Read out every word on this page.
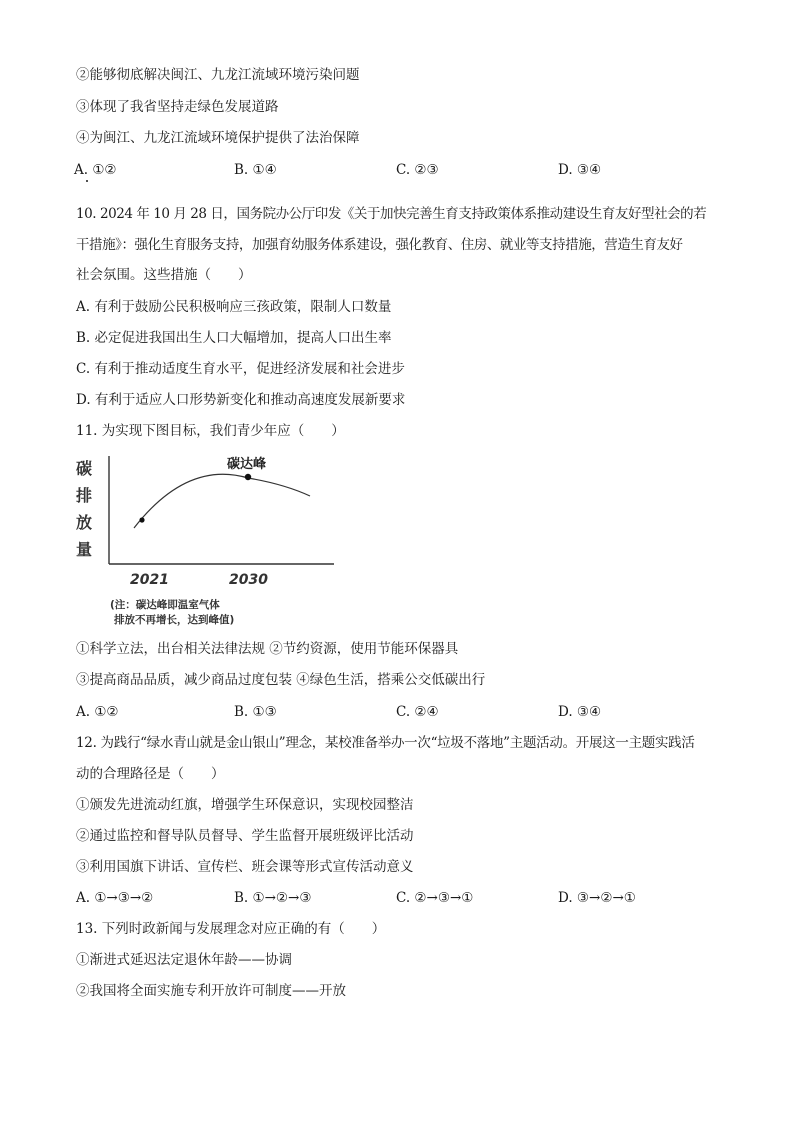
②能够彻底解决闽江、九龙江流域环境污染问题
③体现了我省坚持走绿色发展道路
④为闽江、九龙江流域环境保护提供了法治保障
A. ①②	B. ①④	C. ②③	D. ③④
10. 2024 年 10 月 28 日，国务院办公厅印发《关于加快完善生育支持政策体系推动建设生育友好型社会的若
干措施》：强化生育服务支持，加强育幼服务体系建设，强化教育、住房、就业等支持措施，营造生育友好
社会氛围。这些措施（　　）
A. 有利于鼓励公民积极响应三孩政策，限制人口数量
B. 必定促进我国出生人口大幅增加，提高人口出生率
C. 有利于推动适度生育水平，促进经济发展和社会进步
D. 有利于适应人口形势新变化和推动高速度发展新要求
11. 为实现下图目标，我们青少年应（　　）
碳
排
放
量
碳达峰
2021	2030
(注：碳达峰即温室气体
排放不再增长，达到峰值)
①科学立法，出台相关法律法规 ②节约资源，使用节能环保器具
③提高商品品质，减少商品过度包装 ④绿色生活，搭乘公交低碳出行
A. ①②	B. ①③	C. ②④	D. ③④
12. 为践行“绿水青山就是金山银山”理念，某校准备举办一次“垃圾不落地”主题活动。开展这一主题实践活
动的合理路径是（　　）
①颁发先进流动红旗，增强学生环保意识，实现校园整洁
②通过监控和督导队员督导、学生监督开展班级评比活动
③利用国旗下讲话、宣传栏、班会课等形式宣传活动意义
A. ①→③→②	B. ①→②→③	C. ②→③→①	D. ③→②→①
13. 下列时政新闻与发展理念对应正确的有（　　）
①渐进式延迟法定退休年龄——协调
②我国将全面实施专利开放许可制度——开放
